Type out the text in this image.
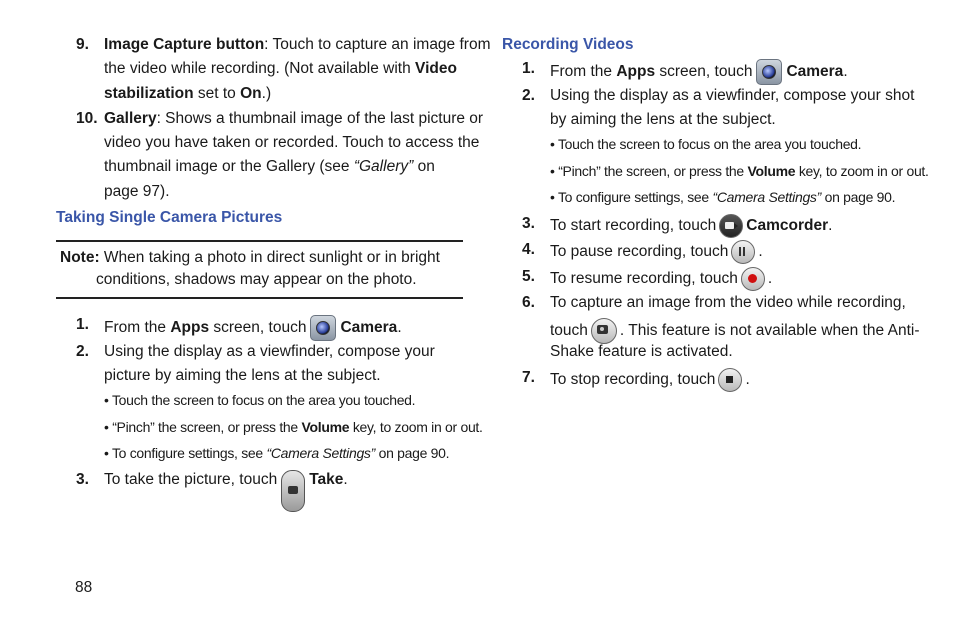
9. Image Capture button: Touch to capture an image from
the video while recording. (Not available with Video
stabilization set to On.)
10. Gallery: Shows a thumbnail image of the last picture or
video you have taken or recorded. Touch to access the
thumbnail image or the Gallery (see “Gallery” on
page 97).
Taking Single Camera Pictures
Note: When taking a photo in direct sunlight or in bright
conditions, shadows may appear on the photo.
1. From the Apps screen, touch Camera.
2. Using the display as a viewfinder, compose your
picture by aiming the lens at the subject.
• Touch the screen to focus on the area you touched.
• “Pinch” the screen, or press the Volume key, to zoom in or out.
• To configure settings, see “Camera Settings” on page 90.
3. To take the picture, touch Take.
Recording Videos
1. From the Apps screen, touch Camera.
2. Using the display as a viewfinder, compose your shot
by aiming the lens at the subject.
• Touch the screen to focus on the area you touched.
• “Pinch” the screen, or press the Volume key, to zoom in or out.
• To configure settings, see “Camera Settings” on page 90.
3. To start recording, touch Camcorder.
4. To pause recording, touch .
5. To resume recording, touch .
6. To capture an image from the video while recording,
touch . This feature is not available when the Anti-
Shake feature is activated.
7. To stop recording, touch .
88
